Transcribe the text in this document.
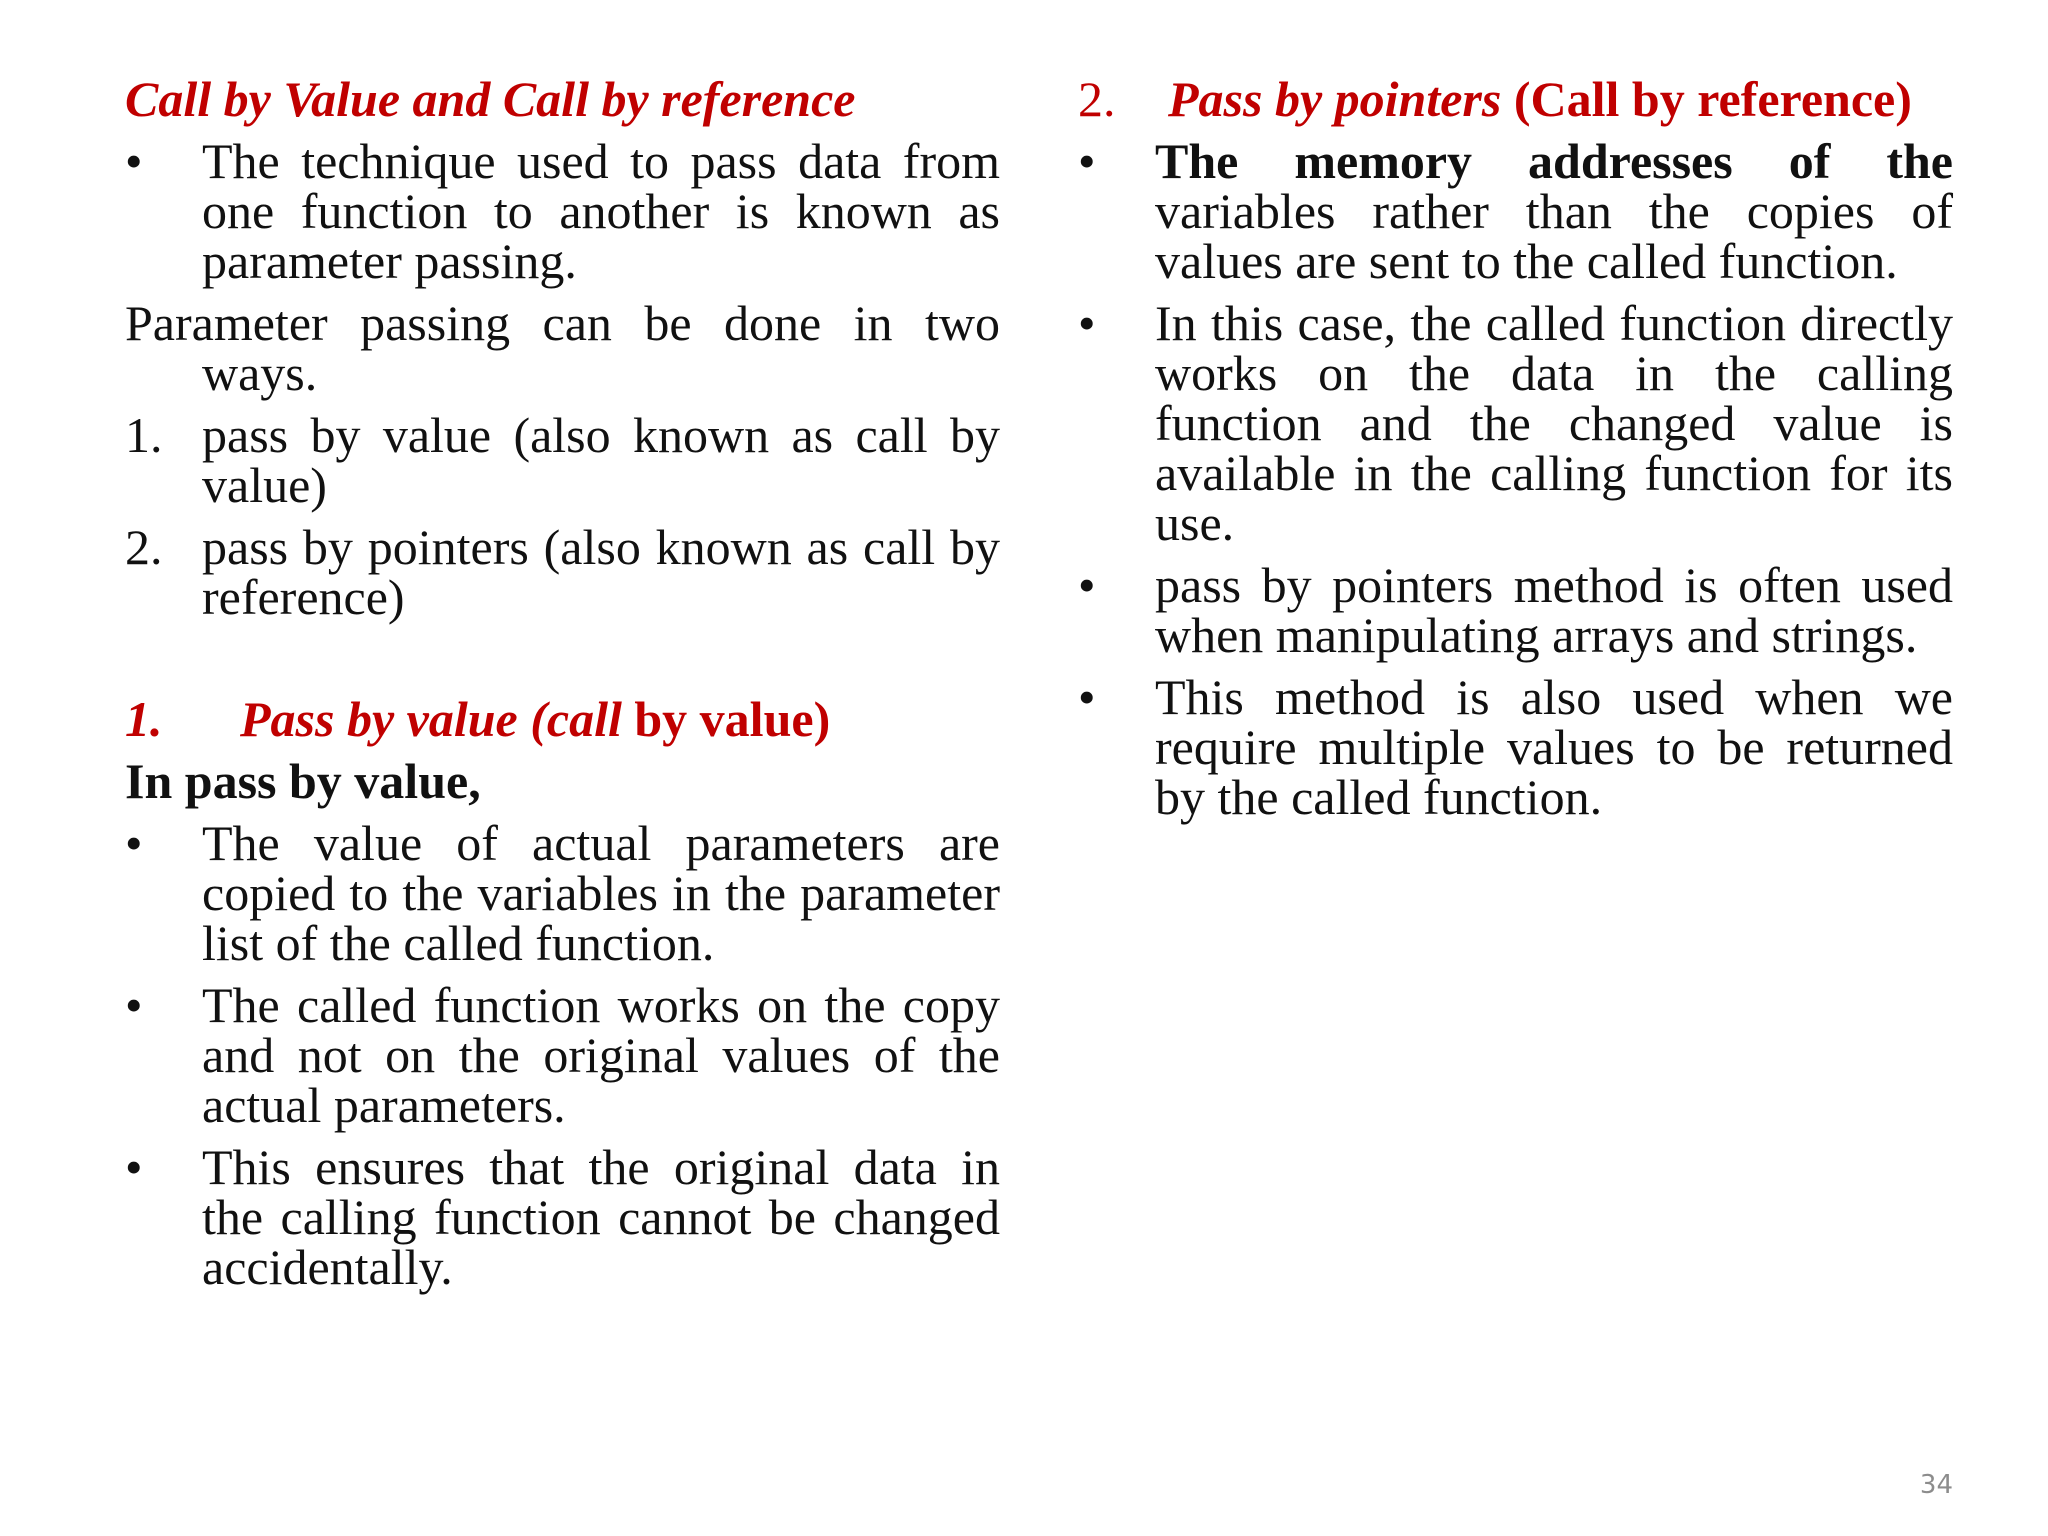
Call by Value and Call by reference
• The technique used to pass data from one function to another is known as parameter passing.
Parameter passing can be done in two ways.
1. pass by value (also known as call by value)
2. pass by pointers (also known as call by reference)
1. Pass by value (call by value)
In pass by value,
• The value of actual parameters are copied to the variables in the parameter list of the called function.
• The called function works on the copy and not on the original values of the actual parameters.
• This ensures that the original data in the calling function cannot be changed accidentally.
2. Pass by pointers (Call by reference)
• The memory addresses of the variables rather than the copies of values are sent to the called function.
• In this case, the called function directly works on the data in the calling function and the changed value is available in the calling function for its use.
• pass by pointers method is often used when manipulating arrays and strings.
• This method is also used when we require multiple values to be returned by the called function.
34
